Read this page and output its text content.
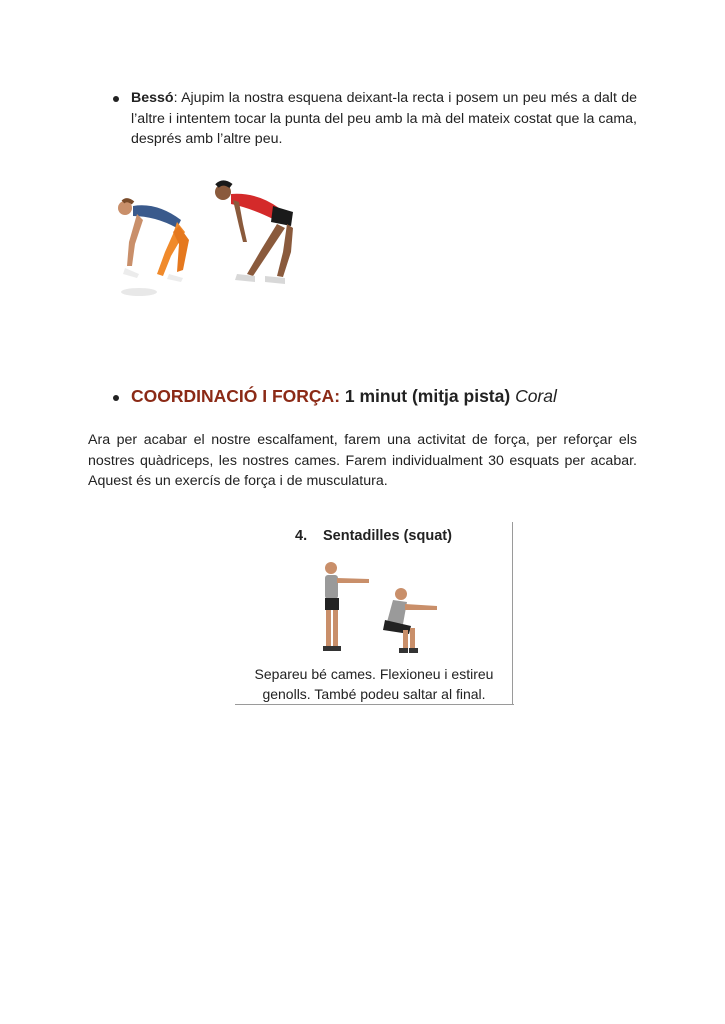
Bessó: Ajupim la nostra esquena deixant-la recta i posem un peu més a dalt de l’altre i intentem tocar la punta del peu amb la mà del mateix costat que la cama, després amb l’altre peu.
COORDINACIÓ I FORÇA: 1 minut (mitja pista) Coral
Ara per acabar el nostre escalfament, farem una activitat de força, per reforçar els nostres quàdriceps, les nostres cames. Farem individualment 30 esquats per acabar. Aquest és un exercís de força i de musculatura.
4. Sentadilles (squat)
Separeu bé cames. Flexioneu i estireu
genolls. També podeu saltar al final.
